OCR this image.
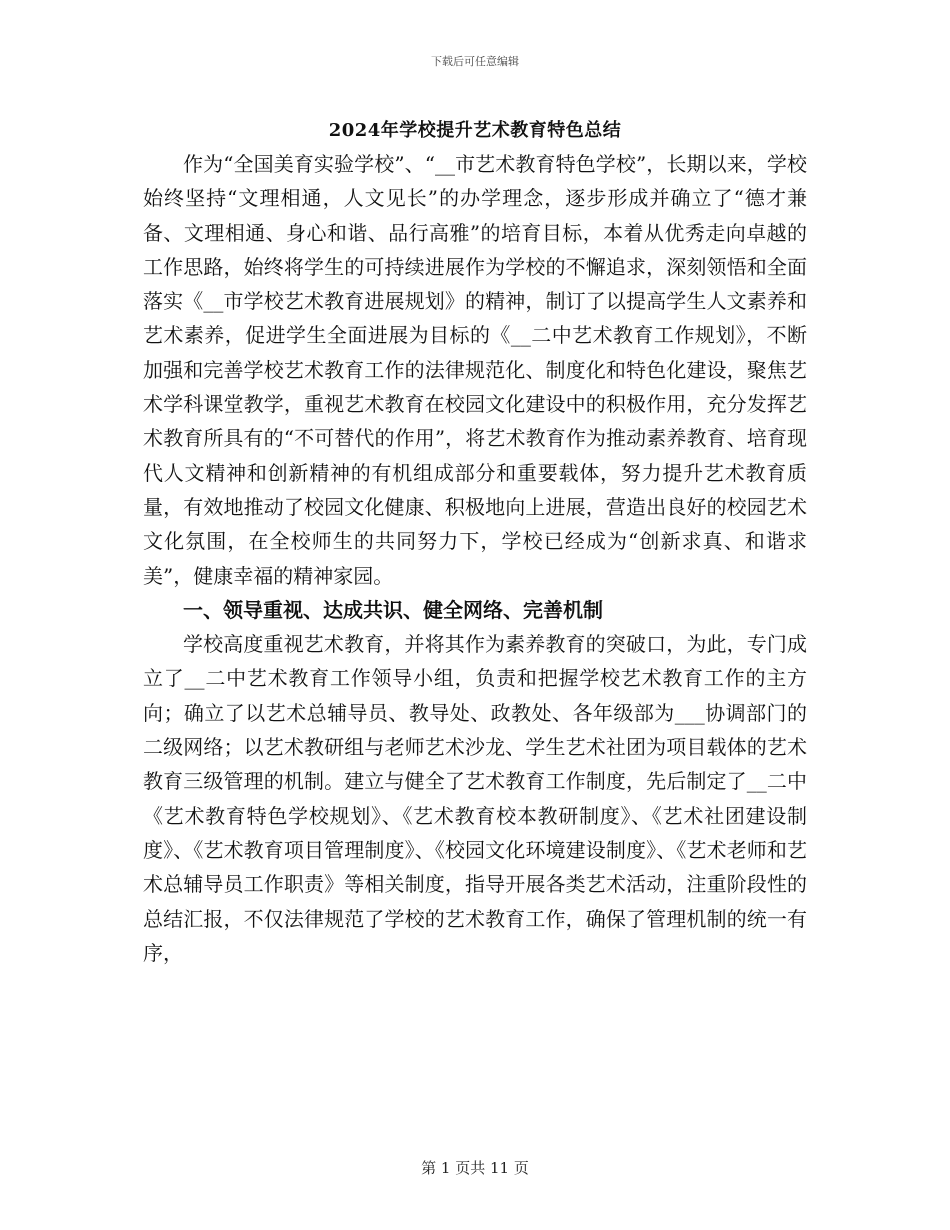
下载后可任意编辑
2024年学校提升艺术教育特色总结

作为“全国美育实验学校”、“__市艺术教育特色学校”，长期以来，学校始终坚持“文理相通，人文见长”的办学理念，逐步形成并确立了“德才兼备、文理相通、身心和谐、品行高雅”的培育目标，本着从优秀走向卓越的工作思路，始终将学生的可持续进展作为学校的不懈追求，深刻领悟和全面落实《__市学校艺术教育进展规划》的精神，制订了以提高学生人文素养和艺术素养，促进学生全面进展为目标的《__二中艺术教育工作规划》，不断加强和完善学校艺术教育工作的法律规范化、制度化和特色化建设，聚焦艺术学科课堂教学，重视艺术教育在校园文化建设中的积极作用，充分发挥艺术教育所具有的“不可替代的作用”，将艺术教育作为推动素养教育、培育现代人文精神和创新精神的有机组成部分和重要载体，努力提升艺术教育质量，有效地推动了校园文化健康、积极地向上进展，营造出良好的校园艺术文化氛围，在全校师生的共同努力下，学校已经成为“创新求真、和谐求美”，健康幸福的精神家园。

一、领导重视、达成共识、健全网络、完善机制

学校高度重视艺术教育，并将其作为素养教育的突破口，为此，专门成立了__二中艺术教育工作领导小组，负责和把握学校艺术教育工作的主方向；确立了以艺术总辅导员、教导处、政教处、各年级部为___协调部门的二级网络；以艺术教研组与老师艺术沙龙、学生艺术社团为项目载体的艺术教育三级管理的机制。建立与健全了艺术教育工作制度，先后制定了__二中《艺术教育特色学校规划》、《艺术教育校本教研制度》、《艺术社团建设制度》、《艺术教育项目管理制度》、《校园文化环境建设制度》、《艺术老师和艺术总辅导员工作职责》等相关制度，指导开展各类艺术活动，注重阶段性的总结汇报，不仅法律规范了学校的艺术教育工作，确保了管理机制的统一有序，

第 1 页共 11 页
